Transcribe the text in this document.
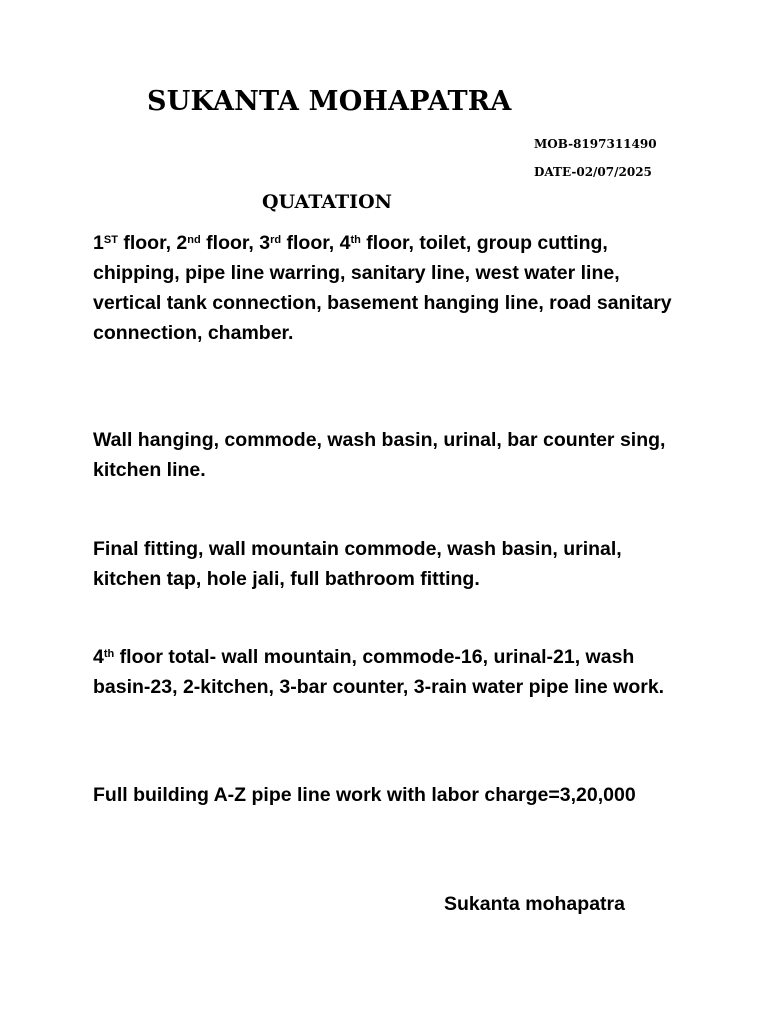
SUKANTA MOHAPATRA
MOB-8197311490
DATE-02/07/2025
QUATATION

1ST floor, 2nd floor, 3rd floor, 4th floor, toilet, group cutting, chipping, pipe line warring, sanitary line, west water line, vertical tank connection, basement hanging line, road sanitary connection, chamber.

Wall hanging, commode, wash basin, urinal, bar counter sing, kitchen line.

Final fitting, wall mountain commode, wash basin, urinal, kitchen tap, hole jali, full bathroom fitting.

4th floor total- wall mountain, commode-16, urinal-21, wash basin-23, 2-kitchen, 3-bar counter, 3-rain water pipe line work.

Full building A-Z pipe line work with labor charge=3,20,000

Sukanta mohapatra
